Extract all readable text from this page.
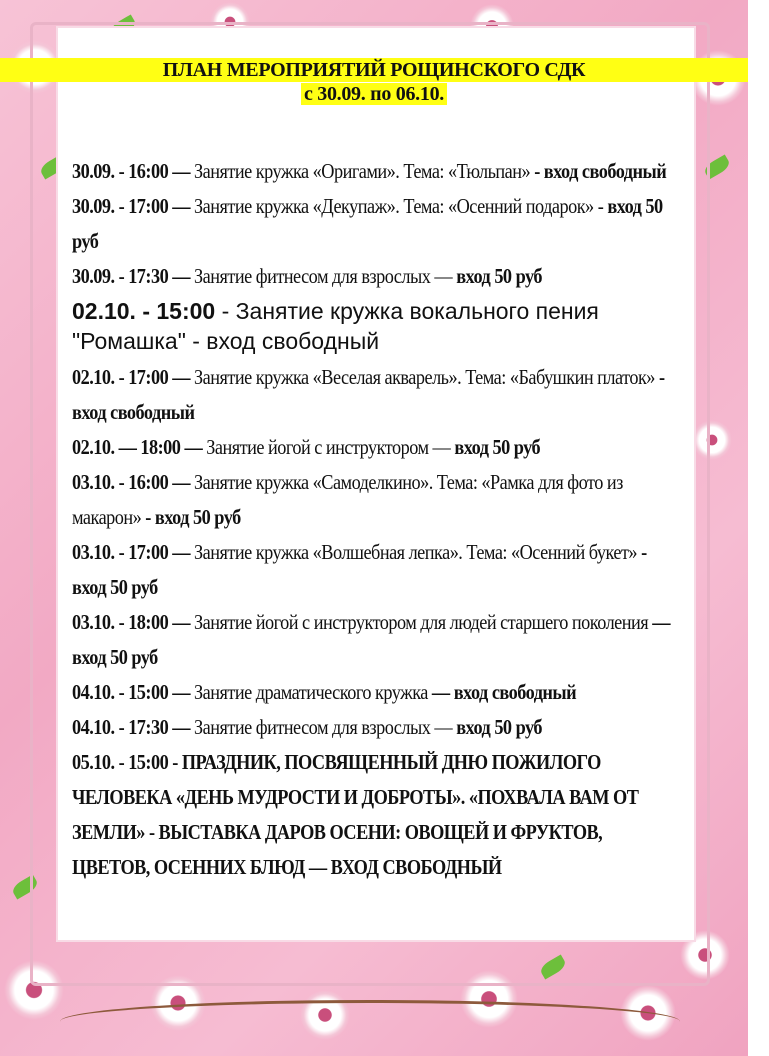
ПЛАН МЕРОПРИЯТИЙ РОЩИНСКОГО СДК
с 30.09. по 06.10.

30.09. - 16:00 — Занятие кружка «Оригами». Тема: «Тюльпан» - вход свободный

30.09. - 17:00 — Занятие кружка «Декупаж». Тема: «Осенний подарок» - вход 50 руб

30.09. - 17:30 — Занятие фитнесом для взрослых — вход 50 руб

02.10. - 15:00 - Занятие кружка вокального пения "Ромашка" - вход свободный

02.10. - 17:00 — Занятие кружка «Веселая акварель». Тема: «Бабушкин платок» - вход свободный

02.10. — 18:00 — Занятие йогой с инструктором — вход 50 руб

03.10. - 16:00 — Занятие кружка «Самоделкино». Тема: «Рамка для фото из макарон» - вход 50 руб

03.10. - 17:00 — Занятие кружка «Волшебная лепка». Тема: «Осенний букет» - вход 50 руб

03.10. - 18:00 — Занятие йогой с инструктором для людей старшего поколения — вход 50 руб

04.10. - 15:00 — Занятие драматического кружка — вход свободный

04.10. - 17:30 — Занятие фитнесом для взрослых — вход 50 руб

05.10. - 15:00 - ПРАЗДНИК, ПОСВЯЩЕННЫЙ ДНЮ ПОЖИЛОГО ЧЕЛОВЕКА «ДЕНЬ МУДРОСТИ И ДОБРОТЫ». «ПОХВАЛА ВАМ ОТ ЗЕМЛИ» - ВЫСТАВКА ДАРОВ ОСЕНИ: ОВОЩЕЙ И ФРУКТОВ, ЦВЕТОВ, ОСЕННИХ БЛЮД — ВХОД СВОБОДНЫЙ
